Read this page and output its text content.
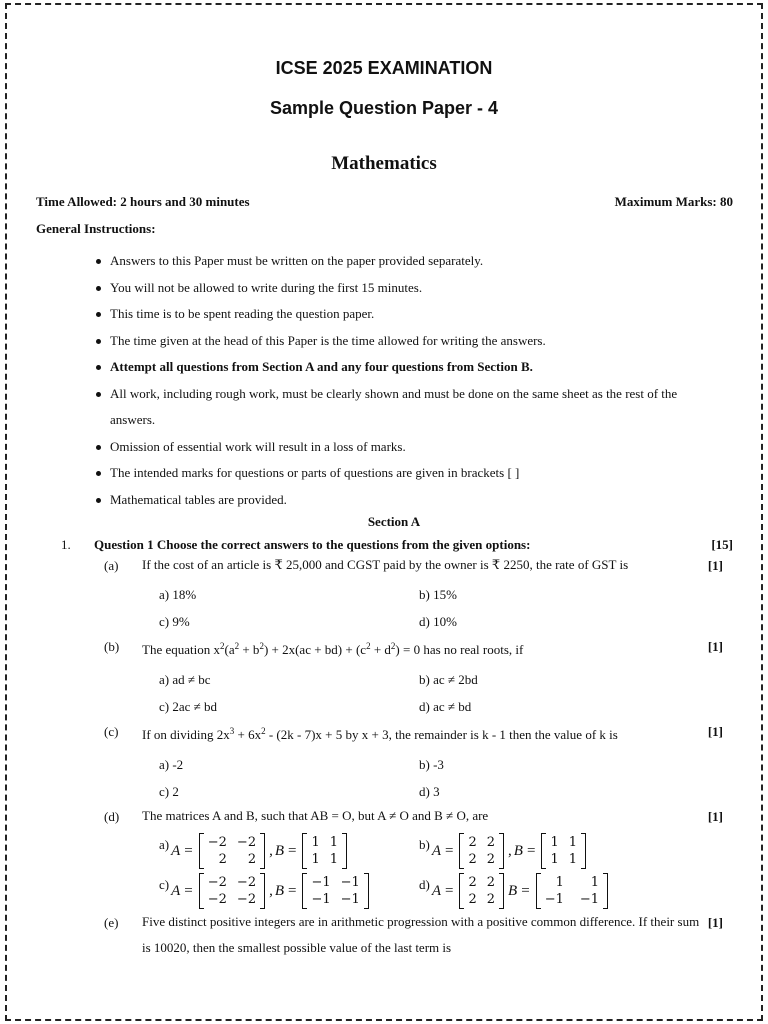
ICSE 2025 EXAMINATION
Sample Question Paper - 4
Mathematics
Time Allowed: 2 hours and 30 minutes	Maximum Marks: 80
General Instructions:
Answers to this Paper must be written on the paper provided separately.
You will not be allowed to write during the first 15 minutes.
This time is to be spent reading the question paper.
The time given at the head of this Paper is the time allowed for writing the answers.
Attempt all questions from Section A and any four questions from Section B.
All work, including rough work, must be clearly shown and must be done on the same sheet as the rest of the answers.
Omission of essential work will result in a loss of marks.
The intended marks for questions or parts of questions are given in brackets [ ]
Mathematical tables are provided.
Section A
1. Question 1 Choose the correct answers to the questions from the given options:	[15]
(a) If the cost of an article is ₹ 25,000 and CGST paid by the owner is ₹ 2250, the rate of GST is	[1]
a) 18%	b) 15%
c) 9%	d) 10%
(b) The equation $x^2(a^2 + b^2) + 2x(ac + bd) + (c^2 + d^2) = 0$ has no real roots, if	[1]
a) ad ≠ bc	b) ac ≠ 2bd
c) 2ac ≠ bd	d) ac ≠ bd
(c) If on dividing $2x^3 + 6x^2 - (2k - 7)x + 5$ by x + 3, the remainder is k - 1 then the value of k is	[1]
a) -2	b) -3
c) 2	d) 3
(d) The matrices A and B, such that AB = O, but A ≠ O and B ≠ O, are	[1]
a) A = −2 −2
2	2
, B = 1 1
1 1
b) A = 2 2
2 2
, B = 1 1
1 1
c) A = −2 −2
−2 −2
, B = −1 −1
−1 −1
d) A = 2 2
2 2
B =	1	1
−1 −1
(e) Five distinct positive integers are in arithmetic progression with a positive common difference. If their sum is 10020, then the smallest possible value of the last term is
[1]
